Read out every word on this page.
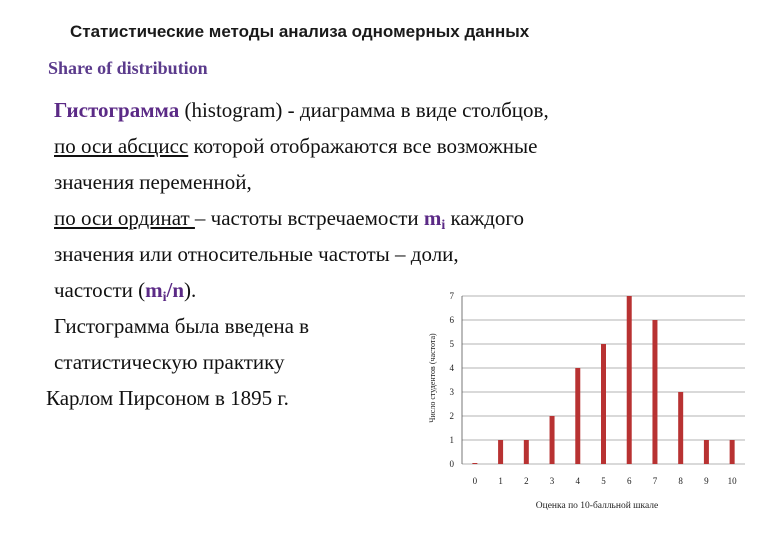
Статистические методы анализа одномерных данных
Share of distribution
Гистограмма (histogram) - диаграмма в виде столбцов,
по оси абсцисс которой отображаются все возможные
значения переменной,
по оси ординат – частоты встречаемости $m_i$ каждого
значения или относительные частоты – доли,
частости $(m_i/n)$.
Гистограмма была введена в
статистическую практику
Карлом Пирсоном в 1895 г.
0
1
2
3
4
5
6
7
0 1 2 3 4 5 6 7 8 9 10
Число студентов (частота)
Оценка по 10-балльной шкале
